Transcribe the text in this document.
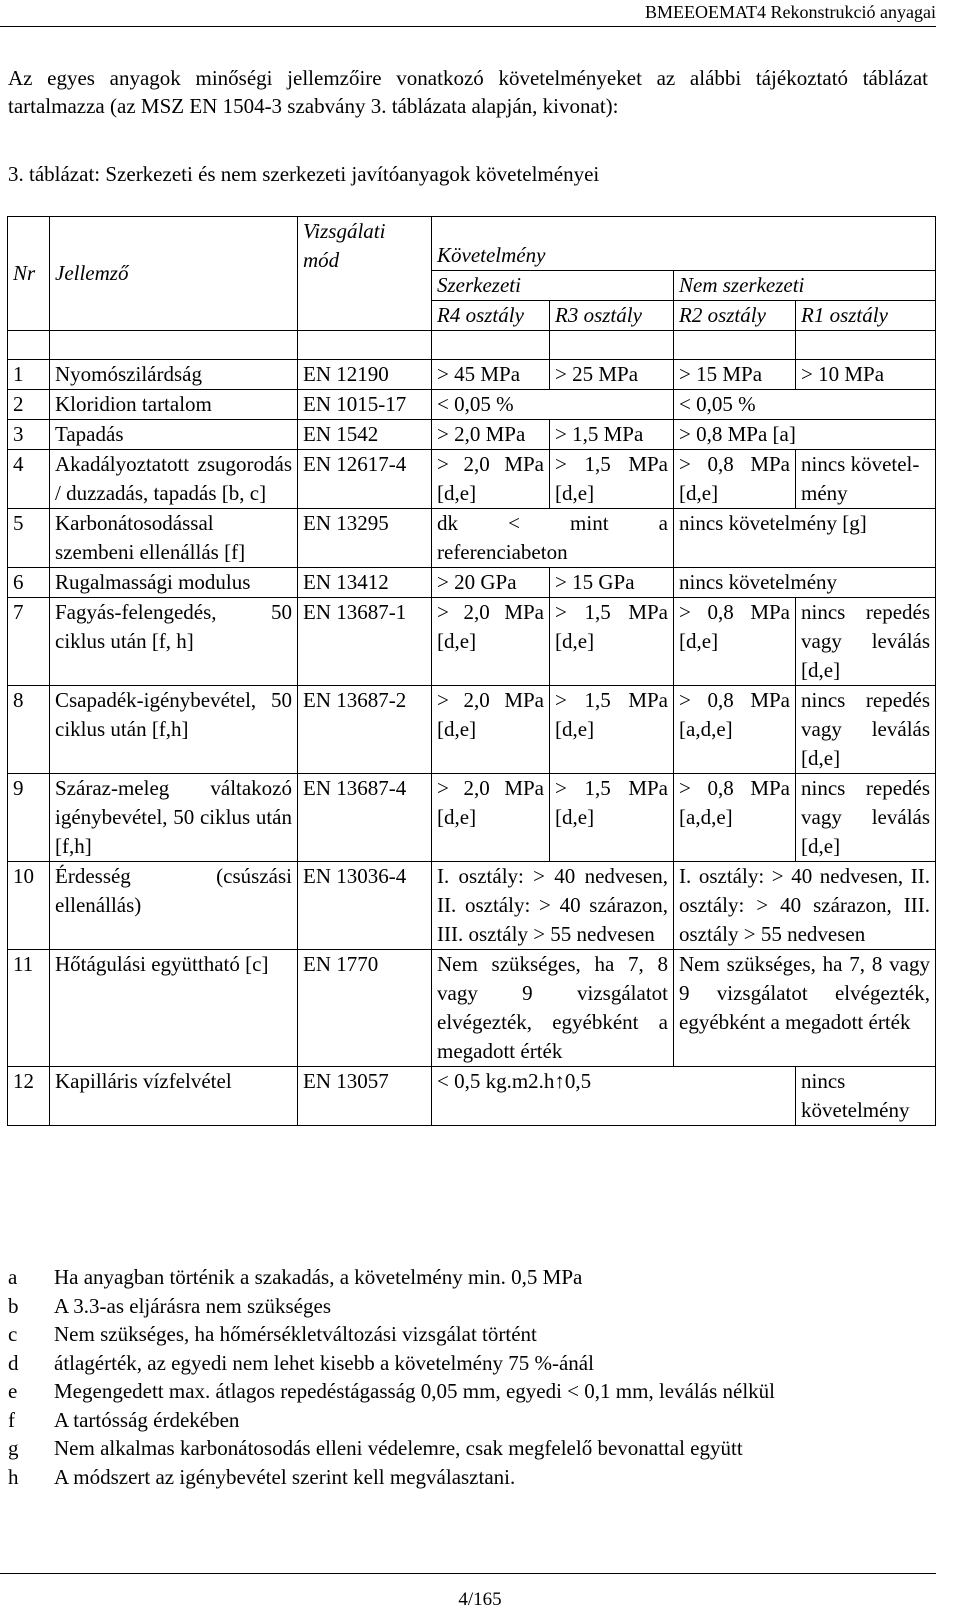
BMEEOEMAT4 Rekonstrukció anyagai
Az egyes anyagok minőségi jellemzőire vonatkozó követelményeket az alábbi tájékoztató táblázat tartalmazza (az MSZ EN 1504-3 szabvány 3. táblázata alapján, kivonat):
3. táblázat: Szerkezeti és nem szerkezeti javítóanyagok követelményei
Nr	Jellemző	Vizsgálati mód	Követelmény			
			Szerkezeti		Nem szerkezeti	
			R4 osztály	R3 osztály	R2 osztály	R1 osztály

1	Nyomószilárdság	EN 12190	> 45 MPa	> 25 MPa	> 15 MPa	> 10 MPa
2	Kloridion tartalom	EN 1015-17	< 0,05 %		< 0,05 %	
3	Tapadás	EN 1542	> 2,0 MPa	> 1,5 MPa	> 0,8 MPa [a]	
4	Akadályoztatott zsugorodás / duzzadás, tapadás [b, c]	EN 12617-4	> 2,0 MPa [d,e]	> 1,5 MPa [d,e]	> 0,8 MPa [d,e]	nincs követel-mény
5	Karbonátosodással szembeni ellenállás [f]	EN 13295	dk < mint a referenciabeton		nincs követelmény [g]	
6	Rugalmassági modulus	EN 13412	> 20 GPa	> 15 GPa	nincs követelmény	
7	Fagyás-felengedés, 50 ciklus után [f, h]	EN 13687-1	> 2,0 MPa [d,e]	> 1,5 MPa [d,e]	> 0,8 MPa [d,e]	nincs repedés vagy leválás [d,e]
8	Csapadék-igénybevétel, 50 ciklus után [f,h]	EN 13687-2	> 2,0 MPa [d,e]	> 1,5 MPa [d,e]	> 0,8 MPa [a,d,e]	nincs repedés vagy leválás [d,e]
9	Száraz-meleg váltakozó igénybevétel, 50 ciklus után [f,h]	EN 13687-4	> 2,0 MPa [d,e]	> 1,5 MPa [d,e]	> 0,8 MPa [a,d,e]	nincs repedés vagy leválás [d,e]
10	Érdesség (csúszási ellenállás)	EN 13036-4	I. osztály: > 40 nedvesen, II. osztály: > 40 szárazon, III. osztály > 55 nedvesen		I. osztály: > 40 nedvesen, II. osztály: > 40 szárazon, III. osztály > 55 nedvesen	
11	Hőtágulási együttható [c]	EN 1770	Nem szükséges, ha 7, 8 vagy 9 vizsgálatot elvégezték, egyébként a megadott érték		Nem szükséges, ha 7, 8 vagy 9 vizsgálatot elvégezték, egyébként a megadott érték	
12	Kapilláris vízfelvétel	EN 13057	< 0,5 kg.m2.h↑0,5			nincs követelmény
a	Ha anyagban történik a szakadás, a követelmény min. 0,5 MPa
b	A 3.3-as eljárásra nem szükséges
c	Nem szükséges, ha hőmérsékletváltozási vizsgálat történt
d	átlagérték, az egyedi nem lehet kisebb a követelmény 75 %-ánál
e	Megengedett max. átlagos repedéstágasság 0,05 mm, egyedi < 0,1 mm, leválás nélkül
f	A tartósság érdekében
g	Nem alkalmas karbonátosodás elleni védelemre, csak megfelelő bevonattal együtt
h	A módszert az igénybevétel szerint kell megválasztani.
4/165
